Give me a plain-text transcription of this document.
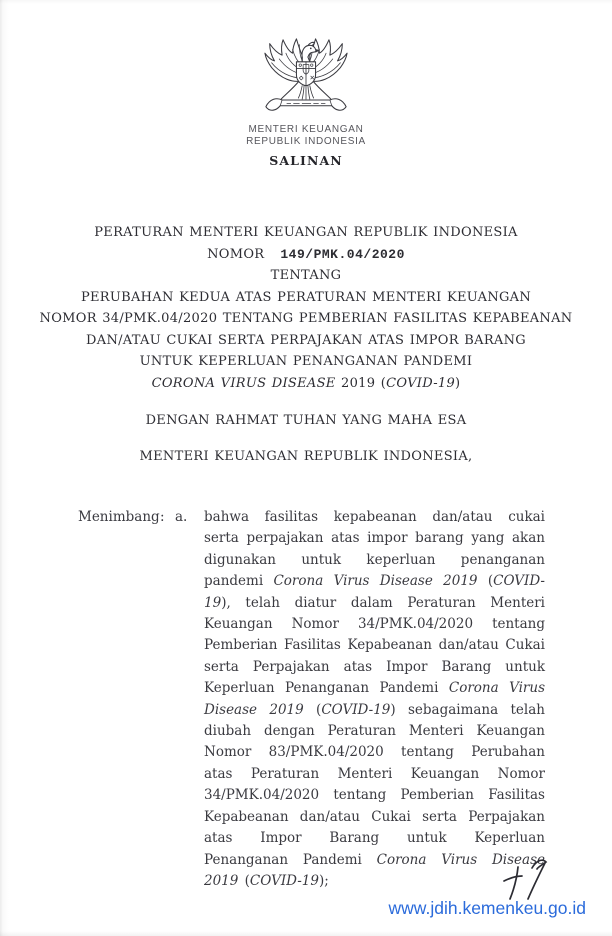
MENTERI KEUANGAN
REPUBLIK INDONESIA
SALINAN
PERATURAN MENTERI KEUANGAN REPUBLIK INDONESIA
NOMOR 149/PMK.04/2020
TENTANG
PERUBAHAN KEDUA ATAS PERATURAN MENTERI KEUANGAN
NOMOR 34/PMK.04/2020 TENTANG PEMBERIAN FASILITAS KEPABEANAN
DAN/ATAU CUKAI SERTA PERPAJAKAN ATAS IMPOR BARANG
UNTUK KEPERLUAN PENANGANAN PANDEMI
CORONA VIRUS DISEASE 2019 (COVID-19)
DENGAN RAHMAT TUHAN YANG MAHA ESA
MENTERI KEUANGAN REPUBLIK INDONESIA,
Menimbang : a.	bahwa fasilitas kepabeanan dan/atau cukai serta perpajakan atas impor barang yang akan digunakan untuk keperluan penanganan pandemi Corona Virus Disease 2019 (COVID-19), telah diatur dalam Peraturan Menteri Keuangan Nomor 34/PMK.04/2020 tentang Pemberian Fasilitas Kepabeanan dan/atau Cukai serta Perpajakan atas Impor Barang untuk Keperluan Penanganan Pandemi Corona Virus Disease 2019 (COVID-19) sebagaimana telah diubah dengan Peraturan Menteri Keuangan Nomor 83/PMK.04/2020 tentang Perubahan atas Peraturan Menteri Keuangan Nomor 34/PMK.04/2020 tentang Pemberian Fasilitas Kepabeanan dan/atau Cukai serta Perpajakan atas Impor Barang untuk Keperluan Penanganan Pandemi Corona Virus Disease 2019 (COVID-19);

www.jdih.kemenkeu.go.id
